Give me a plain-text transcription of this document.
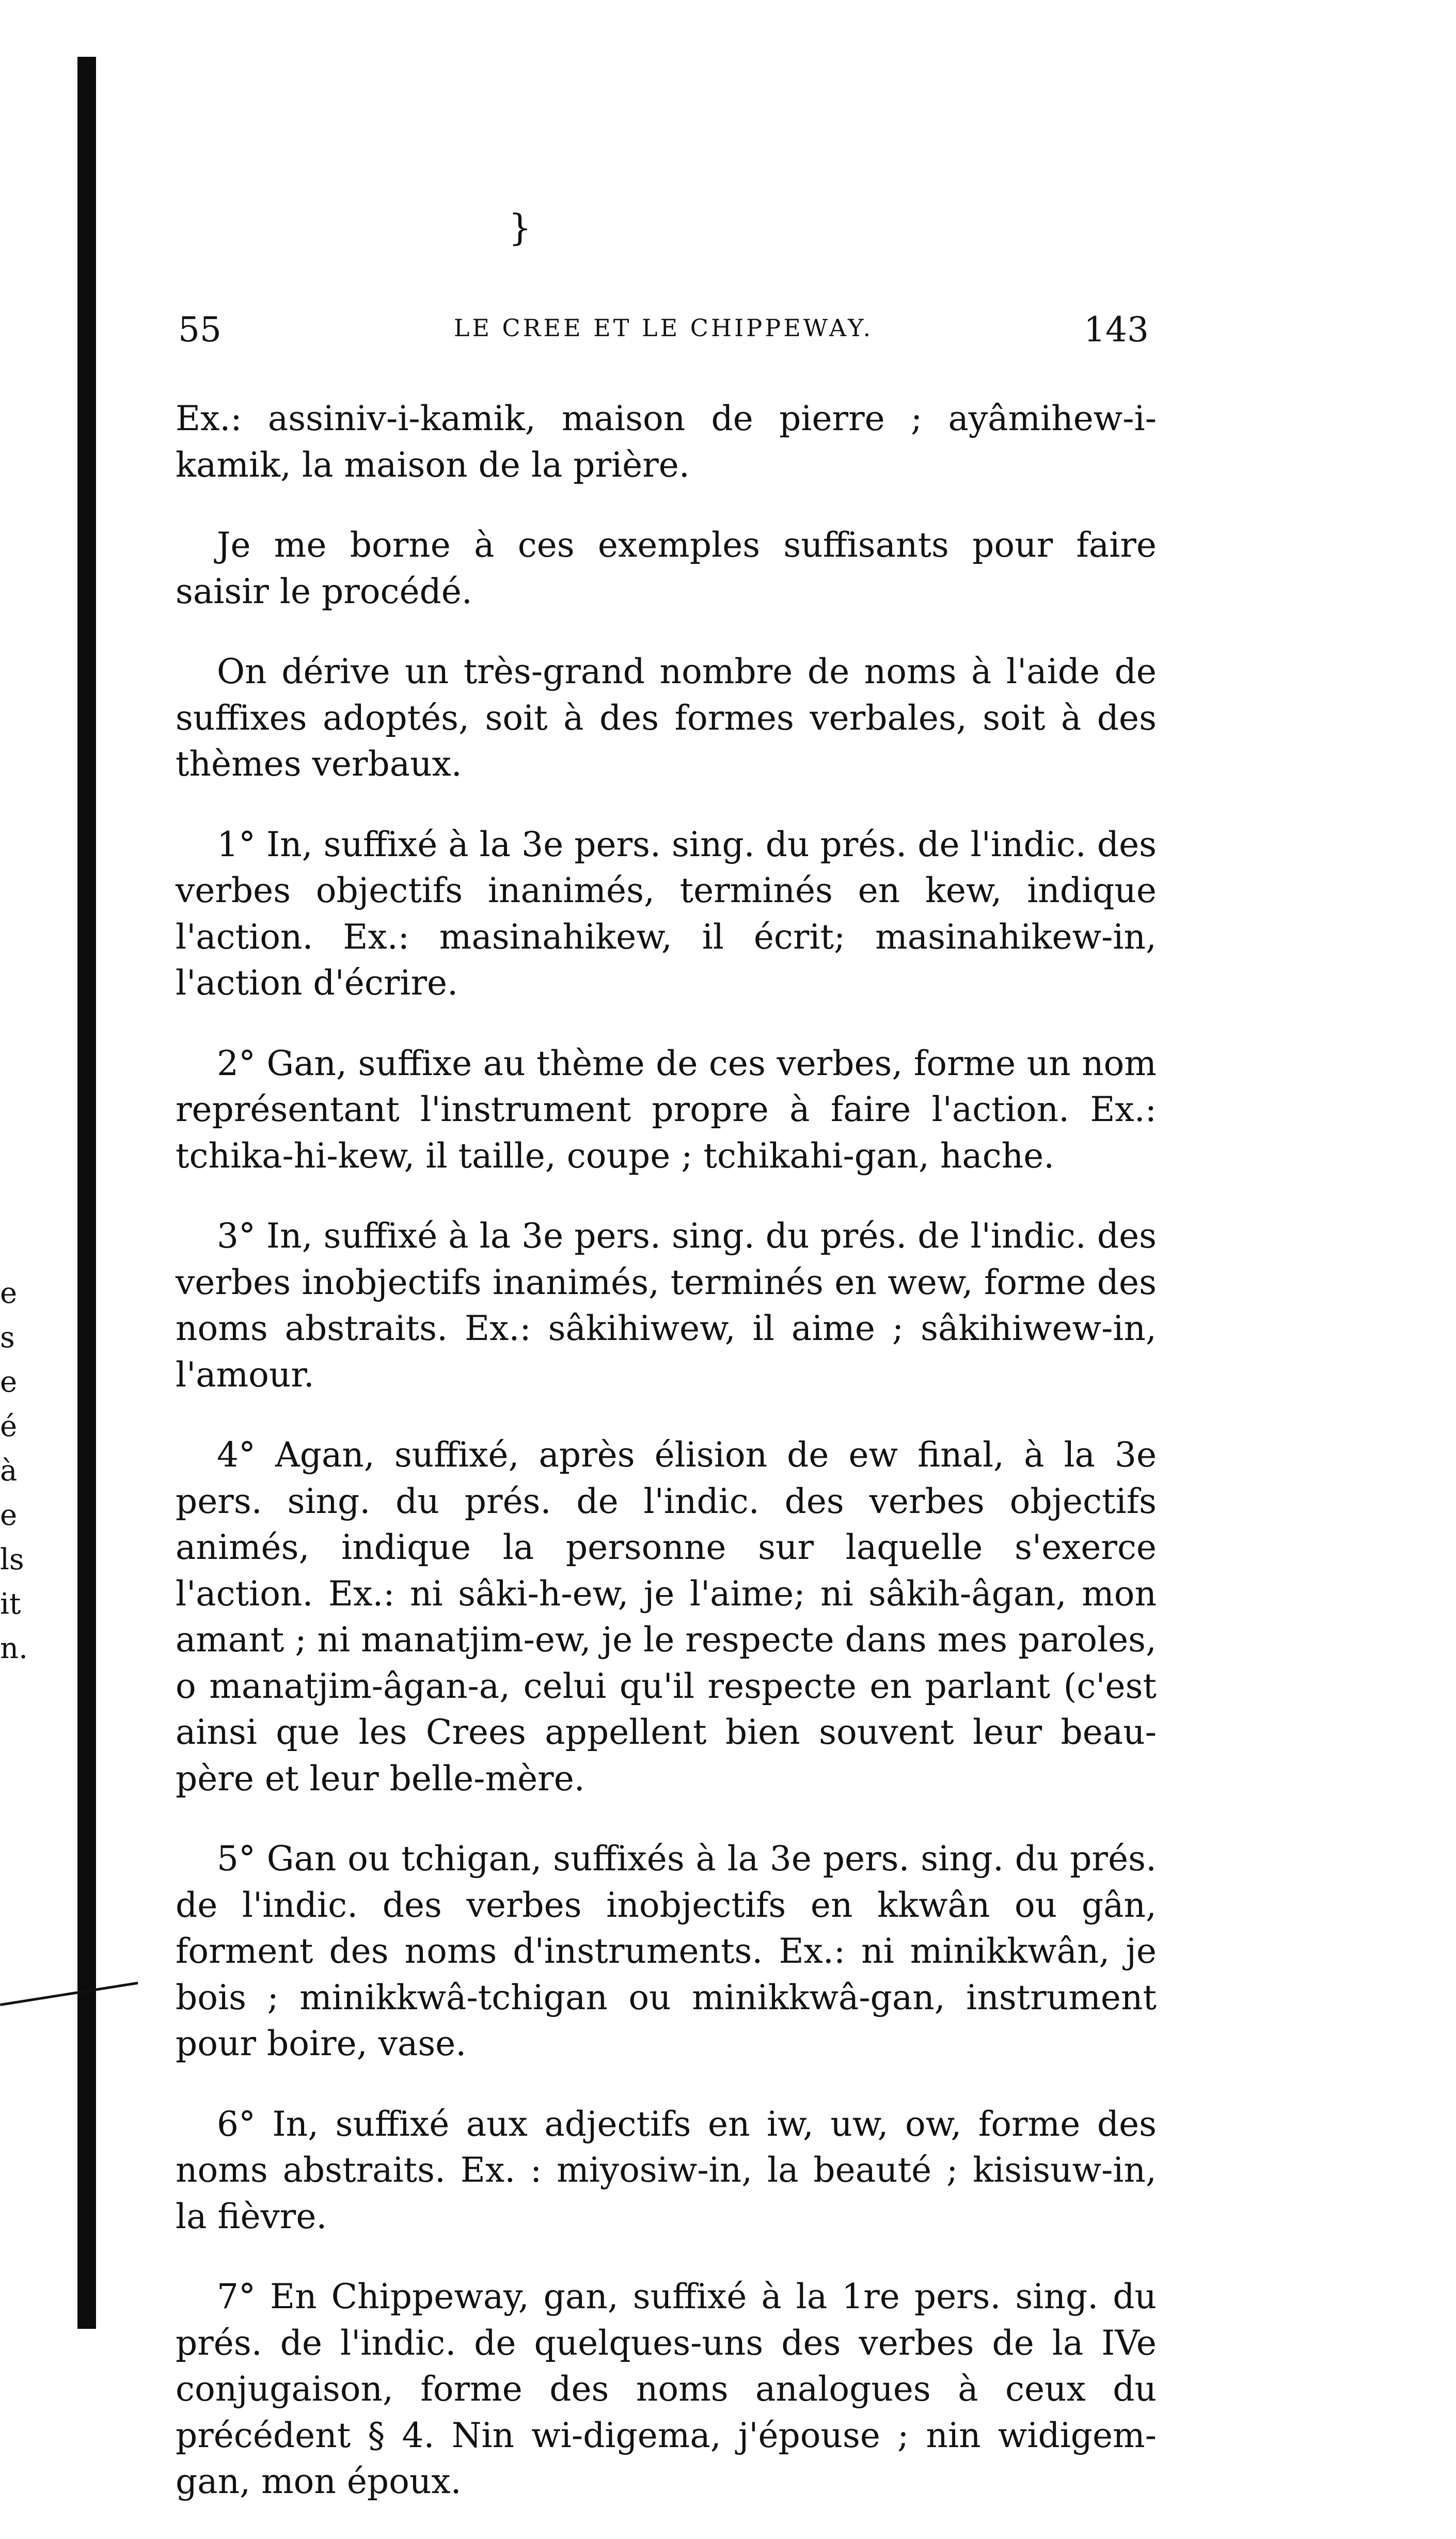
e
s
e
é
à
e
ls
it
n.
}
55	LE CREE ET LE CHIPPEWAY.	143

Ex.: assiniv-i-kamik, maison de pierre ; ayâmihew-i-kamik, la maison de la prière.

Je me borne à ces exemples suffisants pour faire saisir le procédé.

On dérive un très-grand nombre de noms à l'aide de suffixes adoptés, soit à des formes verbales, soit à des thèmes verbaux.

1° In, suffixé à la 3e pers. sing. du prés. de l'indic. des verbes objectifs inanimés, terminés en kew, indique l'action. Ex.: masinahikew, il écrit; masinahikew-in, l'action d'écrire.

2° Gan, suffixe au thème de ces verbes, forme un nom représentant l'instrument propre à faire l'action. Ex.: tchika-hi-kew, il taille, coupe ; tchikahi-gan, hache.

3° In, suffixé à la 3e pers. sing. du prés. de l'indic. des verbes inobjectifs inanimés, terminés en wew, forme des noms abstraits. Ex.: sâkihiwew, il aime ; sâkihiwew-in, l'amour.

4° Agan, suffixé, après élision de ew final, à la 3e pers. sing. du prés. de l'indic. des verbes objectifs animés, indique la personne sur laquelle s'exerce l'action. Ex.: ni sâki-h-ew, je l'aime; ni sâkih-âgan, mon amant ; ni manatjim-ew, je le respecte dans mes paroles, o manatjim-âgan-a, celui qu'il respecte en parlant (c'est ainsi que les Crees appellent bien souvent leur beau-père et leur belle-mère.

5° Gan ou tchigan, suffixés à la 3e pers. sing. du prés. de l'indic. des verbes inobjectifs en kkwân ou gân, forment des noms d'instruments. Ex.: ni minikkwân, je bois ; minikkwâ-tchigan ou minikkwâ-gan, instrument pour boire, vase.

6° In, suffixé aux adjectifs en iw, uw, ow, forme des noms abstraits. Ex. : miyosiw-in, la beauté ; kisisuw-in, la fièvre.

7° En Chippeway, gan, suffixé à la 1re pers. sing. du prés. de l'indic. de quelques-uns des verbes de la IVe conjugaison, forme des noms analogues à ceux du précédent § 4. Nin wi-digema, j'épouse ; nin widigem-gan, mon époux.
